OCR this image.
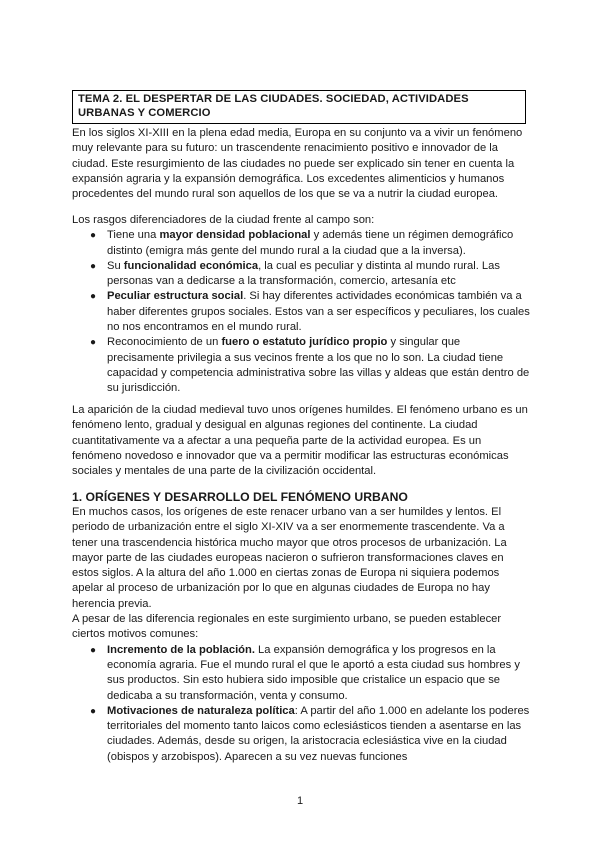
TEMA 2. EL DESPERTAR DE LAS CIUDADES. SOCIEDAD, ACTIVIDADES URBANAS Y COMERCIO

En los siglos XI-XIII en la plena edad media, Europa en su conjunto va a vivir un fenómeno muy relevante para su futuro: un trascendente renacimiento positivo e innovador de la ciudad. Este resurgimiento de las ciudades no puede ser explicado sin tener en cuenta la expansión agraria y la expansión demográfica. Los excedentes alimenticios y humanos procedentes del mundo rural son aquellos de los que se va a nutrir la ciudad europea.

Los rasgos diferenciadores de la ciudad frente al campo son:

● Tiene una mayor densidad poblacional y además tiene un régimen demográfico distinto (emigra más gente del mundo rural a la ciudad que a la inversa).
● Su funcionalidad económica, la cual es peculiar y distinta al mundo rural. Las personas van a dedicarse a la transformación, comercio, artesanía etc
● Peculiar estructura social. Si hay diferentes actividades económicas también va a haber diferentes grupos sociales. Estos van a ser específicos y peculiares, los cuales no nos encontramos en el mundo rural.
● Reconocimiento de un fuero o estatuto jurídico propio y singular que precisamente privilegia a sus vecinos frente a los que no lo son. La ciudad tiene capacidad y competencia administrativa sobre las villas y aldeas que están dentro de su jurisdicción.

La aparición de la ciudad medieval tuvo unos orígenes humildes. El fenómeno urbano es un fenómeno lento, gradual y desigual en algunas regiones del continente. La ciudad cuantitativamente va a afectar a una pequeña parte de la actividad europea. Es un fenómeno novedoso e innovador que va a permitir modificar las estructuras económicas sociales y mentales de una parte de la civilización occidental.

1. ORÍGENES Y DESARROLLO DEL FENÓMENO URBANO

En muchos casos, los orígenes de este renacer urbano van a ser humildes y lentos. El periodo de urbanización entre el siglo XI-XIV va a ser enormemente trascendente. Va a tener una trascendencia histórica mucho mayor que otros procesos de urbanización. La mayor parte de las ciudades europeas nacieron o sufrieron transformaciones claves en estos siglos. A la altura del año 1.000 en ciertas zonas de Europa ni siquiera podemos apelar al proceso de urbanización por lo que en algunas ciudades de Europa no hay herencia previa.

A pesar de las diferencia regionales en este surgimiento urbano, se pueden establecer ciertos motivos comunes:

● Incremento de la población. La expansión demográfica y los progresos en la economía agraria. Fue el mundo rural el que le aportó a esta ciudad sus hombres y sus productos. Sin esto hubiera sido imposible que cristalice un espacio que se dedicaba a su transformación, venta y consumo.
● Motivaciones de naturaleza política: A partir del año 1.000 en adelante los poderes territoriales del momento tanto laicos como eclesiásticos tienden a asentarse en las ciudades. Además, desde su origen, la aristocracia eclesiástica vive en la ciudad (obispos y arzobispos). Aparecen a su vez nuevas funciones
1
